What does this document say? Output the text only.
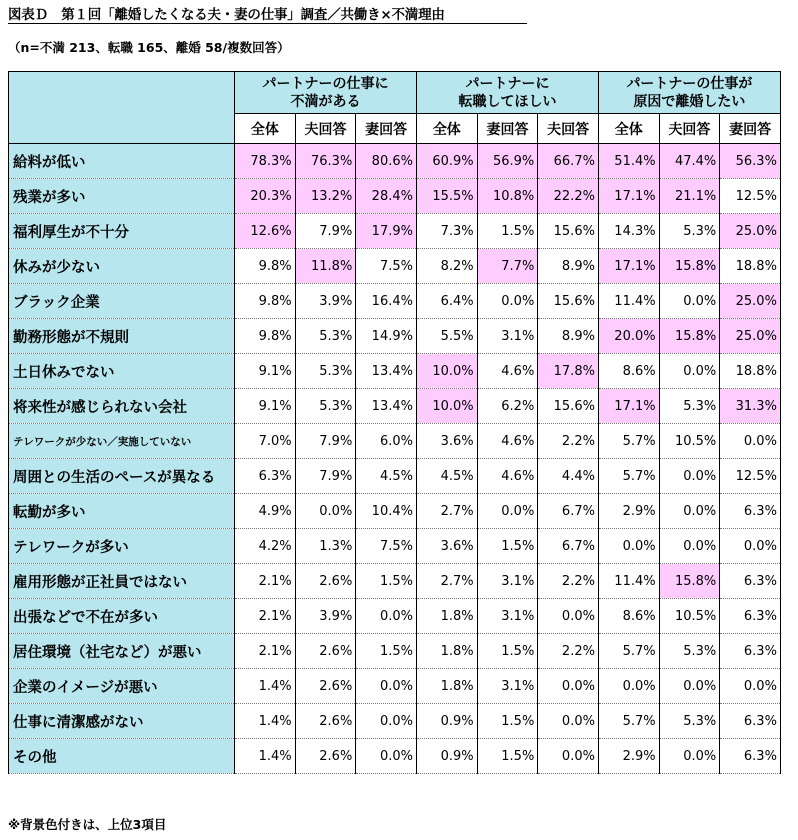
図表Ｄ　第１回「離婚したくなる夫・妻の仕事」調査／共働き×不満理由
（n=不満 213、転職 165、離婚 58/複数回答）

	パートナーの仕事に
不満がある			パートナーに
転職してほしい			パートナーの仕事が
原因で離婚したい		

	全体	夫回答	妻回答	全体	妻回答	夫回答	全体	夫回答	妻回答
給料が低い	78.3%	76.3%	80.6%	60.9%	56.9%	66.7%	51.4%	47.4%	56.3%
残業が多い	20.3%	13.2%	28.4%	15.5%	10.8%	22.2%	17.1%	21.1%	12.5%
福利厚生が不十分	12.6%	7.9%	17.9%	7.3%	1.5%	15.6%	14.3%	5.3%	25.0%
休みが少ない	9.8%	11.8%	7.5%	8.2%	7.7%	8.9%	17.1%	15.8%	18.8%
ブラック企業	9.8%	3.9%	16.4%	6.4%	0.0%	15.6%	11.4%	0.0%	25.0%
勤務形態が不規則	9.8%	5.3%	14.9%	5.5%	3.1%	8.9%	20.0%	15.8%	25.0%
土日休みでない	9.1%	5.3%	13.4%	10.0%	4.6%	17.8%	8.6%	0.0%	18.8%
将来性が感じられない会社	9.1%	5.3%	13.4%	10.0%	6.2%	15.6%	17.1%	5.3%	31.3%
テレワークが少ない／実施していない	7.0%	7.9%	6.0%	3.6%	4.6%	2.2%	5.7%	10.5%	0.0%
周囲との生活のペースが異なる	6.3%	7.9%	4.5%	4.5%	4.6%	4.4%	5.7%	0.0%	12.5%
転勤が多い	4.9%	0.0%	10.4%	2.7%	0.0%	6.7%	2.9%	0.0%	6.3%
テレワークが多い	4.2%	1.3%	7.5%	3.6%	1.5%	6.7%	0.0%	0.0%	0.0%
雇用形態が正社員ではない	2.1%	2.6%	1.5%	2.7%	3.1%	2.2%	11.4%	15.8%	6.3%
出張などで不在が多い	2.1%	3.9%	0.0%	1.8%	3.1%	0.0%	8.6%	10.5%	6.3%
居住環境（社宅など）が悪い	2.1%	2.6%	1.5%	1.8%	1.5%	2.2%	5.7%	5.3%	6.3%
企業のイメージが悪い	1.4%	2.6%	0.0%	1.8%	3.1%	0.0%	0.0%	0.0%	0.0%
仕事に清潔感がない	1.4%	2.6%	0.0%	0.9%	1.5%	0.0%	5.7%	5.3%	6.3%
その他	1.4%	2.6%	0.0%	0.9%	1.5%	0.0%	2.9%	0.0%	6.3%
※背景色付きは、上位3項目
